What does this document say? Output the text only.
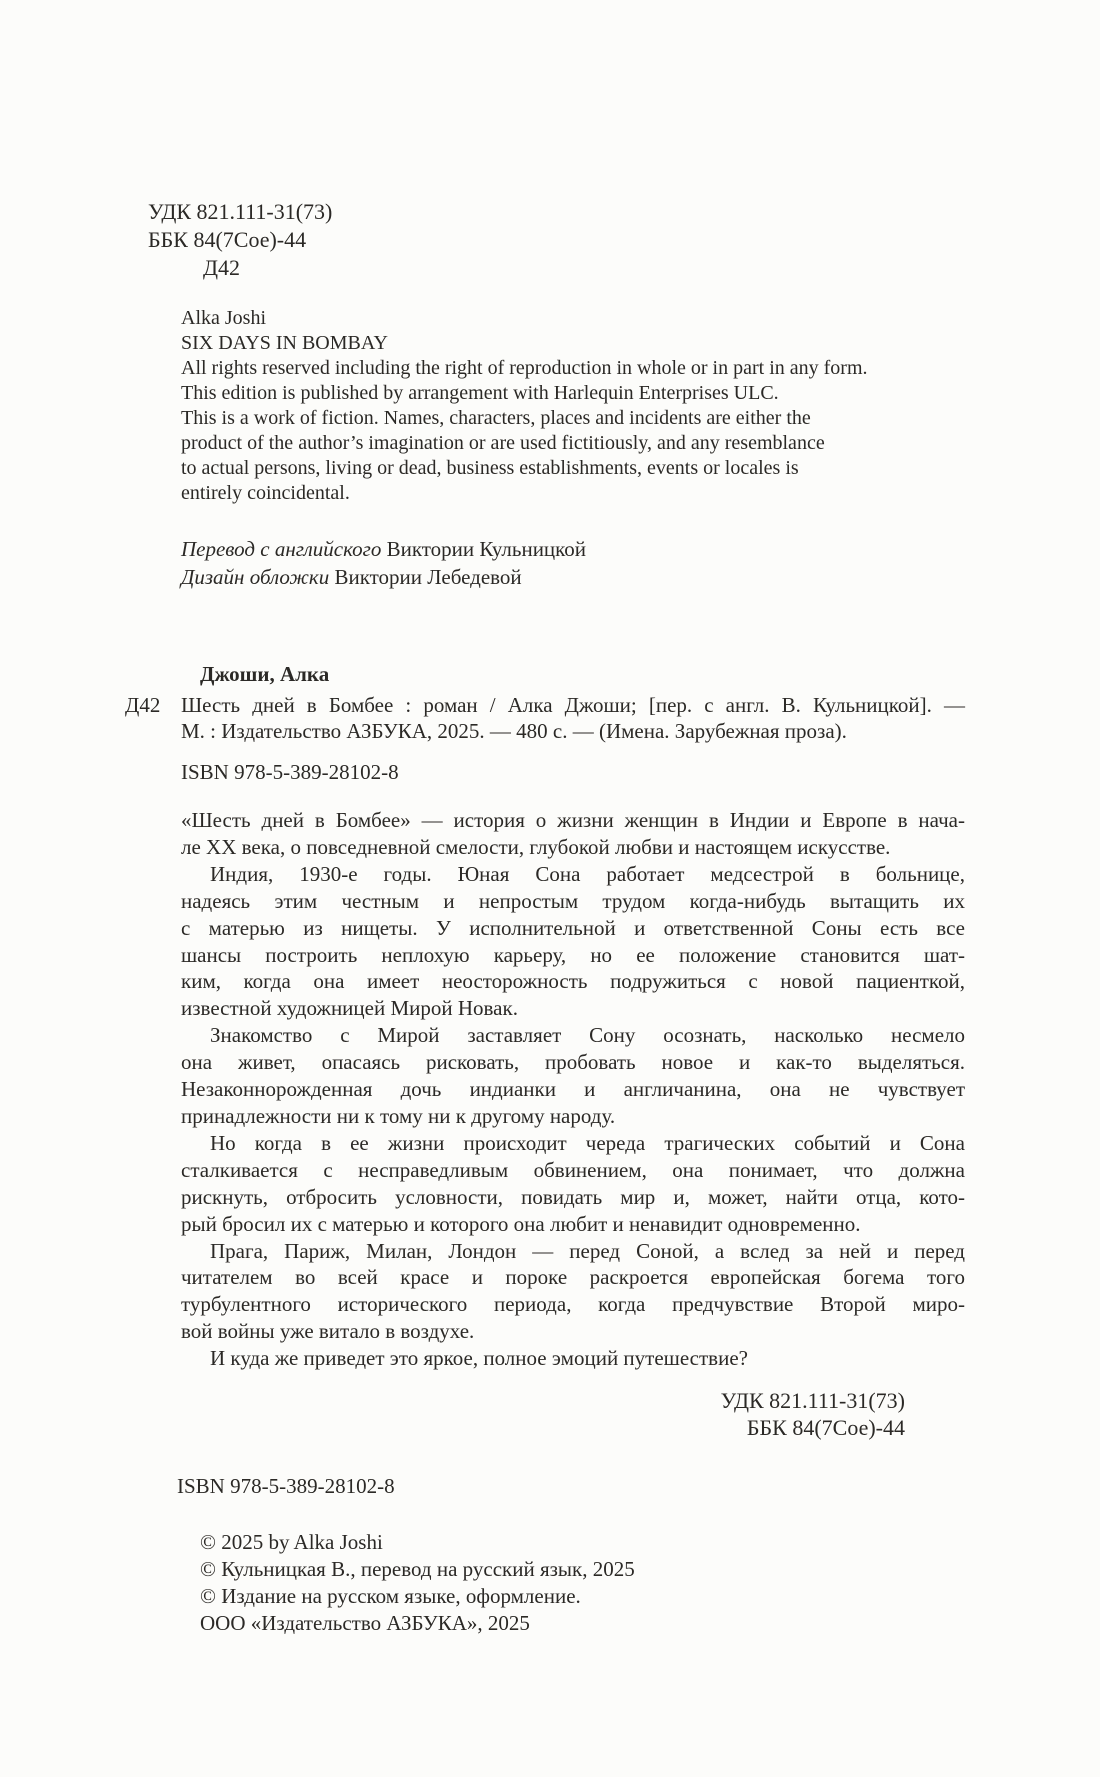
УДК 821.111-31(73)
ББК 84(7Сое)-44
Д42
Alka Joshi
SIX DAYS IN BOMBAY
All rights reserved including the right of reproduction in whole or in part in any form.
This edition is published by arrangement with Harlequin Enterprises ULC.
This is a work of fiction. Names, characters, places and incidents are either the
product of the author’s imagination or are used fictitiously, and any resemblance
to actual persons, living or dead, business establishments, events or locales is
entirely coincidental.
Перевод с английского Виктории Кульницкой
Дизайн обложки Виктории Лебедевой
Джоши, Алка
Д42 Шесть дней в Бомбее : роман / Алка Джоши; [пер. с англ. В. Кульницкой]. —
М. : Издательство АЗБУКА, 2025. — 480 с. — (Имена. Зарубежная проза).
ISBN 978-5-389-28102-8
«Шесть дней в Бомбее» — история о жизни женщин в Индии и Европе в нача-
ле XX века, о повседневной смелости, глубокой любви и настоящем искусстве.
Индия, 1930-е годы. Юная Сона работает медсестрой в больнице,
надеясь этим честным и непростым трудом когда-нибудь вытащить их
с матерью из нищеты. У исполнительной и ответственной Соны есть все
шансы построить неплохую карьеру, но ее положение становится шат-
ким, когда она имеет неосторожность подружиться с новой пациенткой,
известной художницей Мирой Новак.
Знакомство с Мирой заставляет Сону осознать, насколько несмело
она живет, опасаясь рисковать, пробовать новое и как-то выделяться.
Незаконнорожденная дочь индианки и англичанина, она не чувствует
принадлежности ни к тому ни к другому народу.
Но когда в ее жизни происходит череда трагических событий и Сона
сталкивается с несправедливым обвинением, она понимает, что должна
рискнуть, отбросить условности, повидать мир и, может, найти отца, кото-
рый бросил их с матерью и которого она любит и ненавидит одновременно.
Прага, Париж, Милан, Лондон — перед Соной, а вслед за ней и перед
читателем во всей красе и пороке раскроется европейская богема того
турбулентного исторического периода, когда предчувствие Второй миро-
вой войны уже витало в воздухе.
И куда же приведет это яркое, полное эмоций путешествие?
УДК 821.111-31(73)
ББК 84(7Сое)-44
ISBN 978-5-389-28102-8
© 2025 by Alka Joshi
© Кульницкая В., перевод на русский язык, 2025
© Издание на русском языке, оформление.
ООО «Издательство АЗБУКА», 2025
